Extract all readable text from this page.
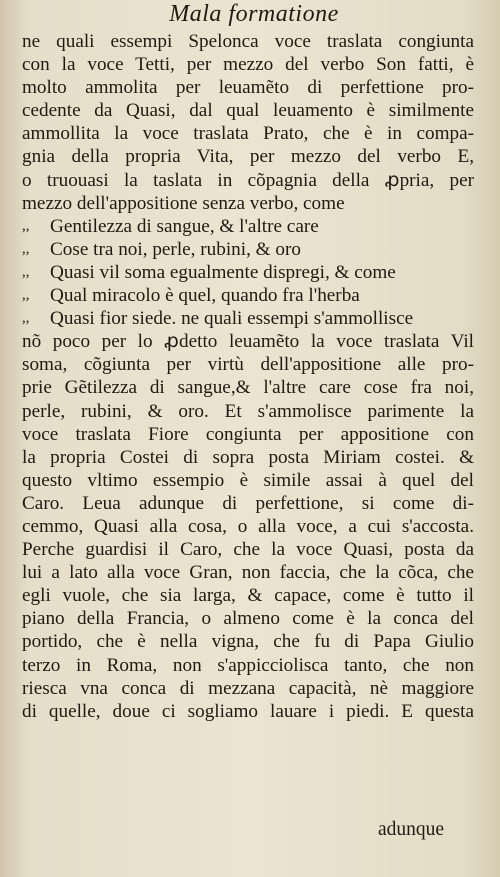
Mala formatione
ne quali essempi Spelonca voce traslata congiunta
con la voce Tetti, per mezzo del verbo Son fatti, è
molto ammolita per leuamẽto di perfettione pro-
cedente da Quasi, dal qual leuamento è similmente
ammollita la voce traslata Prato, che è in compa-
gnia della propria Vita, per mezzo del verbo E,
o truouasi la taslata in cõpagnia della ꝓpria, per
mezzo dell'appositione senza verbo, come
,, Gentilezza di sangue, & l'altre care
,, Cose tra noi, perle, rubini, & oro
,, Quasi vil soma egualmente dispregi, & come
,, Qual miracolo è quel, quando fra l'herba
,, Quasi fior siede. ne quali essempi s'ammollisce
nõ poco per lo ꝓdetto leuamẽto la voce traslata Vil
soma, cõgiunta per virtù dell'appositione alle pro-
prie Gẽtilezza di sangue,& l'altre care cose fra noi,
perle, rubini, & oro. Et s'ammolisce parimente la
voce traslata Fiore congiunta per appositione con
la propria Costei di sopra posta Miriam costei. &
questo vltimo essempio è simile assai à quel del
Caro. Leua adunque di perfettione, si come di-
cemmo, Quasi alla cosa, o alla voce, a cui s'accosta.
Perche guardisi il Caro, che la voce Quasi, posta da
lui a lato alla voce Gran, non faccia, che la cõca, che
egli vuole, che sia larga, & capace, come è tutto il
piano della Francia, o almeno come è la conca del
portido, che è nella vigna, che fu di Papa Giulio
terzo in Roma, non s'appicciolisca tanto, che non
riesca vna conca di mezzana capacità, nè maggiore
di quelle, doue ci sogliamo lauare i piedi. E questa
adunque
